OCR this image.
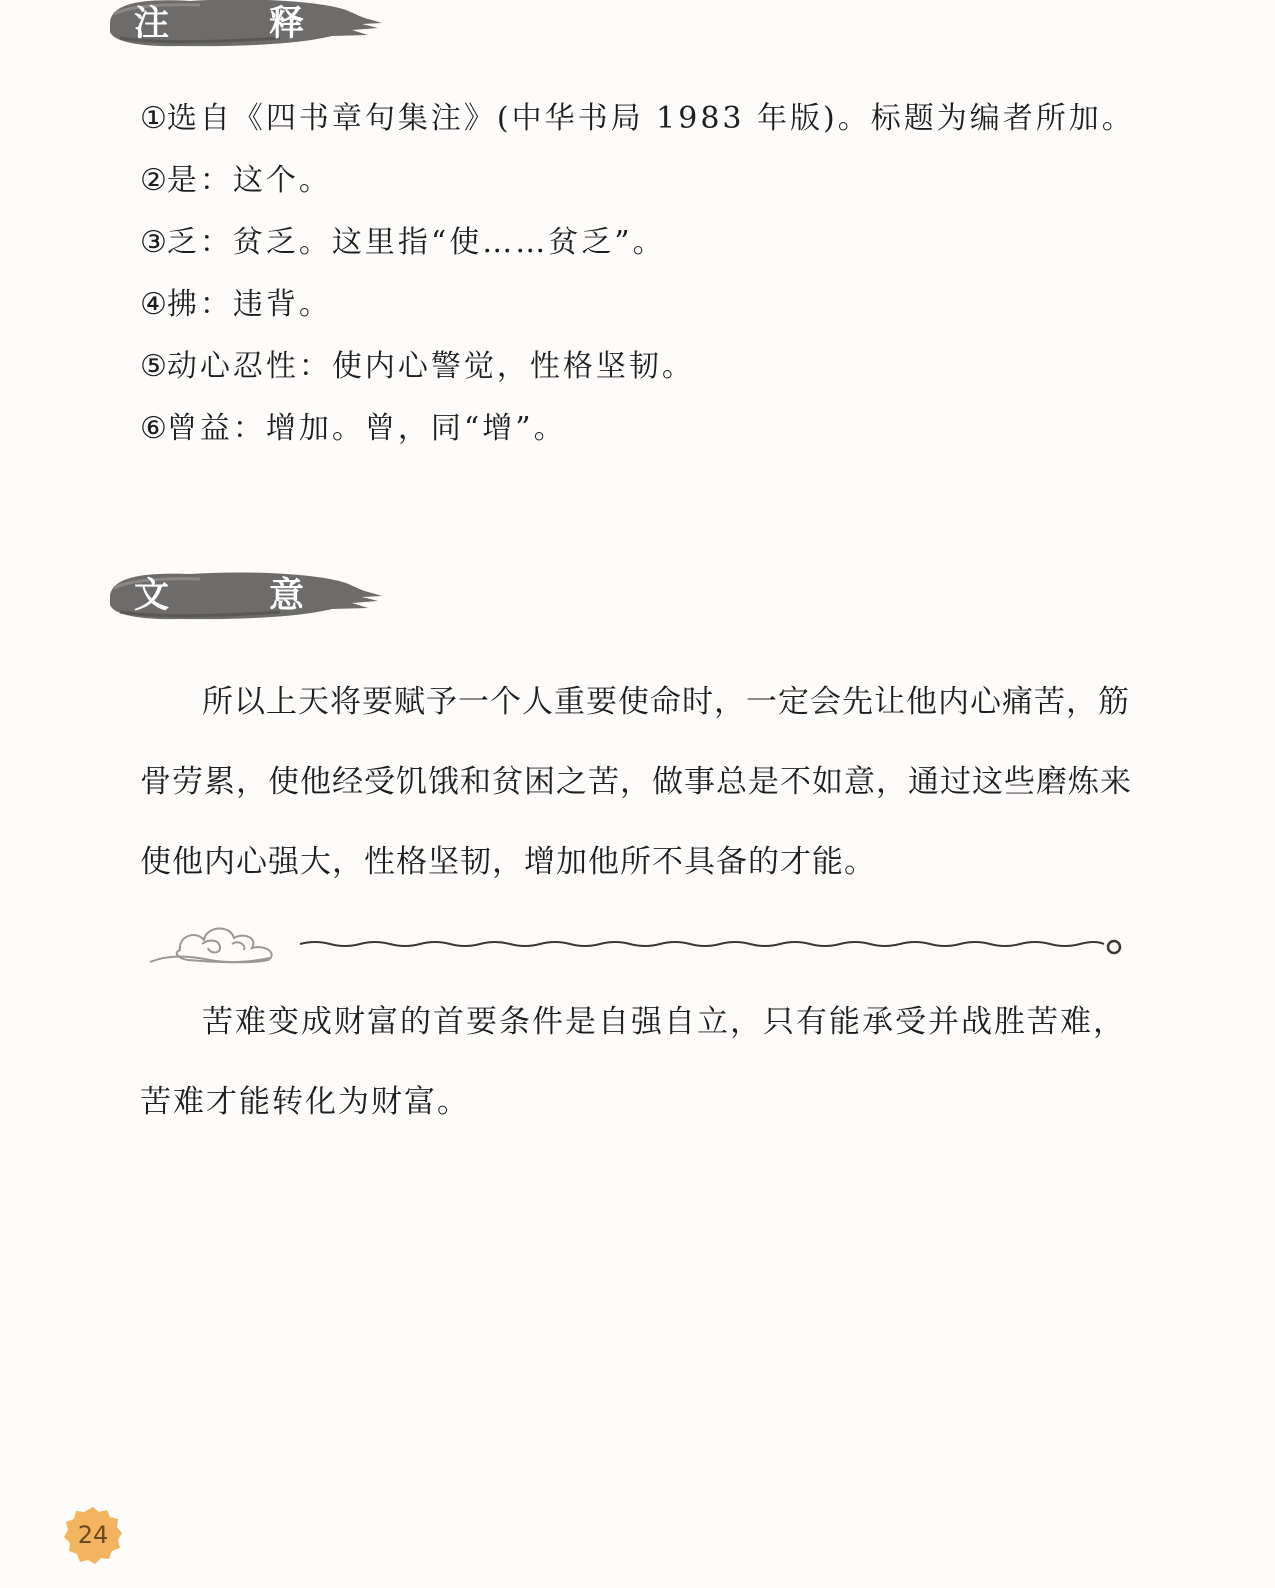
注	释
①选自《四书章句集注》(中华书局 1983 年版)。标题为编者所加。
②是：这个。
③乏：贫乏。这里指“使……贫乏”。
④拂：违背。
⑤动心忍性：使内心警觉，性格坚韧。
⑥曾益：增加。曾，同“增”。
文	意

所以上天将要赋予一个人重要使命时，一定会先让他内心痛苦，筋骨劳累，使他经受饥饿和贫困之苦，做事总是不如意，通过这些磨炼来使他内心强大，性格坚韧，增加他所不具备的才能。

苦难变成财富的首要条件是自强自立，只有能承受并战胜苦难，苦难才能转化为财富。

24
